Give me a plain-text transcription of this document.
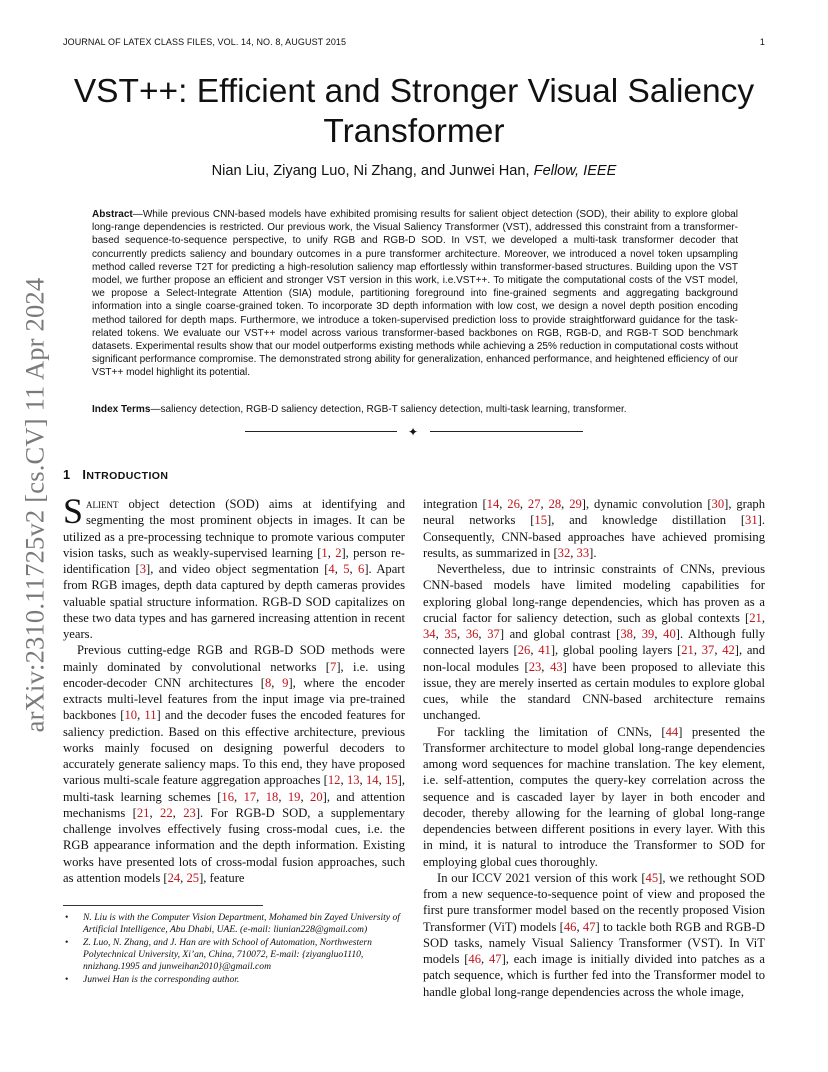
JOURNAL OF LATEX CLASS FILES, VOL. 14, NO. 8, AUGUST 2015	1
arXiv:2310.11725v2 [cs.CV] 11 Apr 2024
VST++: Efficient and Stronger Visual Saliency Transformer
Nian Liu, Ziyang Luo, Ni Zhang, and Junwei Han, Fellow, IEEE
Abstract—While previous CNN-based models have exhibited promising results for salient object detection (SOD), their ability to explore global long-range dependencies is restricted. Our previous work, the Visual Saliency Transformer (VST), addressed this constraint from a transformer-based sequence-to-sequence perspective, to unify RGB and RGB-D SOD. In VST, we developed a multi-task transformer decoder that concurrently predicts saliency and boundary outcomes in a pure transformer architecture. Moreover, we introduced a novel token upsampling method called reverse T2T for predicting a high-resolution saliency map effortlessly within transformer-based structures. Building upon the VST model, we further propose an efficient and stronger VST version in this work, i.e.VST++. To mitigate the computational costs of the VST model, we propose a Select-Integrate Attention (SIA) module, partitioning foreground into fine-grained segments and aggregating background information into a single coarse-grained token. To incorporate 3D depth information with low cost, we design a novel depth position encoding method tailored for depth maps. Furthermore, we introduce a token-supervised prediction loss to provide straightforward guidance for the task-related tokens. We evaluate our VST++ model across various transformer-based backbones on RGB, RGB-D, and RGB-T SOD benchmark datasets. Experimental results show that our model outperforms existing methods while achieving a 25% reduction in computational costs without significant performance compromise. The demonstrated strong ability for generalization, enhanced performance, and heightened efficiency of our VST++ model highlight its potential.
Index Terms—saliency detection, RGB-D saliency detection, RGB-T saliency detection, multi-task learning, transformer.
✦
1 INTRODUCTION

Salient object detection (SOD) aims at identifying and segmenting the most prominent objects in images. It can be utilized as a pre-processing technique to promote various computer vision tasks, such as weakly-supervised learning [1, 2], person re-identification [3], and video object segmentation [4, 5, 6]. Apart from RGB images, depth data captured by depth cameras provides valuable spatial structure information. RGB-D SOD capitalizes on these two data types and has garnered increasing attention in recent years.

Previous cutting-edge RGB and RGB-D SOD methods were mainly dominated by convolutional networks [7], i.e. using encoder-decoder CNN architectures [8, 9], where the encoder extracts multi-level features from the input image via pre-trained backbones [10, 11] and the decoder fuses the encoded features for saliency prediction. Based on this effective architecture, previous works mainly focused on designing powerful decoders to accurately generate saliency maps. To this end, they have proposed various multi-scale feature aggregation approaches [12, 13, 14, 15], multi-task learning schemes [16, 17, 18, 19, 20], and attention mechanisms [21, 22, 23]. For RGB-D SOD, a supplementary challenge involves effectively fusing cross-modal cues, i.e. the RGB appearance information and the depth information. Existing works have presented lots of cross-modal fusion approaches, such as attention models [24, 25], feature

integration [14, 26, 27, 28, 29], dynamic convolution [30], graph neural networks [15], and knowledge distillation [31]. Consequently, CNN-based approaches have achieved promising results, as summarized in [32, 33].

Nevertheless, due to intrinsic constraints of CNNs, previous CNN-based models have limited modeling capabilities for exploring global long-range dependencies, which has proven as a crucial factor for saliency detection, such as global contexts [21, 34, 35, 36, 37] and global contrast [38, 39, 40]. Although fully connected layers [26, 41], global pooling layers [21, 37, 42], and non-local modules [23, 43] have been proposed to alleviate this issue, they are merely inserted as certain modules to explore global cues, while the standard CNN-based architecture remains unchanged.

For tackling the limitation of CNNs, [44] presented the Transformer architecture to model global long-range dependencies among word sequences for machine translation. The key element, i.e. self-attention, computes the query-key correlation across the sequence and is cascaded layer by layer in both encoder and decoder, thereby allowing for the learning of global long-range dependencies between different positions in every layer. With this in mind, it is natural to introduce the Transformer to SOD for employing global cues thoroughly.

In our ICCV 2021 version of this work [45], we rethought SOD from a new sequence-to-sequence point of view and proposed the first pure transformer model based on the recently proposed Vision Transformer (ViT) models [46, 47] to tackle both RGB and RGB-D SOD tasks, namely Visual Saliency Transformer (VST). In ViT models [46, 47], each image is initially divided into patches as a patch sequence, which is further fed into the Transformer model to handle global long-range dependencies across the whole image,

• N. Liu is with the Computer Vision Department, Mohamed bin Zayed University of Artificial Intelligence, Abu Dhabi, UAE. (e-mail: liunian228@gmail.com)
• Z. Luo, N. Zhang, and J. Han are with School of Automation, Northwestern Polytechnical University, Xi’an, China, 710072, E-mail: {ziyangluo1110, nnizhang.1995 and junweihan2010}@gmail.com
• Junwei Han is the corresponding author.
